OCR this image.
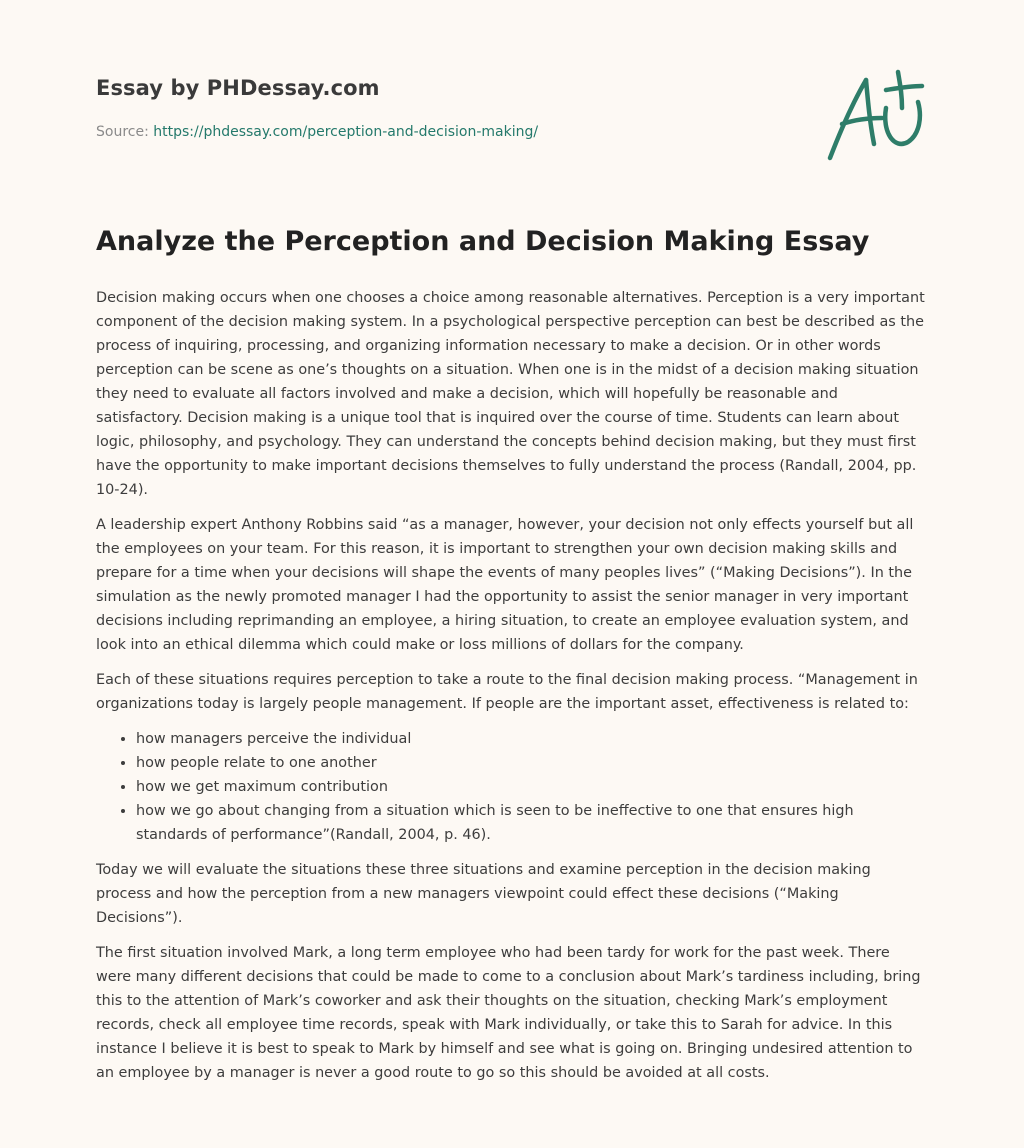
Essay by PHDessay.com
Source: https://phdessay.com/perception-and-decision-making/
Analyze the Perception and Decision Making Essay

Decision making occurs when one chooses a choice among reasonable alternatives. Perception is a very important component of the decision making system. In a psychological perspective perception can best be described as the process of inquiring, processing, and organizing information necessary to make a decision. Or in other words perception can be scene as one’s thoughts on a situation. When one is in the midst of a decision making situation they need to evaluate all factors involved and make a decision, which will hopefully be reasonable and satisfactory. Decision making is a unique tool that is inquired over the course of time. Students can learn about logic, philosophy, and psychology. They can understand the concepts behind decision making, but they must first have the opportunity to make important decisions themselves to fully understand the process (Randall, 2004, pp. 10-24).

A leadership expert Anthony Robbins said “as a manager, however, your decision not only effects yourself but all the employees on your team. For this reason, it is important to strengthen your own decision making skills and prepare for a time when your decisions will shape the events of many peoples lives” (“Making Decisions”). In the simulation as the newly promoted manager I had the opportunity to assist the senior manager in very important decisions including reprimanding an employee, a hiring situation, to create an employee evaluation system, and look into an ethical dilemma which could make or loss millions of dollars for the company.

Each of these situations requires perception to take a route to the final decision making process. “Management in organizations today is largely people management. If people are the important asset, effectiveness is related to:

• how managers perceive the individual
• how people relate to one another
• how we get maximum contribution
• how we go about changing from a situation which is seen to be ineffective to one that ensures high standards of performance”(Randall, 2004, p. 46).

Today we will evaluate the situations these three situations and examine perception in the decision making process and how the perception from a new managers viewpoint could effect these decisions (“Making Decisions”).

The first situation involved Mark, a long term employee who had been tardy for work for the past week. There were many different decisions that could be made to come to a conclusion about Mark’s tardiness including, bring this to the attention of Mark’s coworker and ask their thoughts on the situation, checking Mark’s employment records, check all employee time records, speak with Mark individually, or take this to Sarah for advice. In this instance I believe it is best to speak to Mark by himself and see what is going on. Bringing undesired attention to an employee by a manager is never a good route to go so this should be avoided at all costs.
